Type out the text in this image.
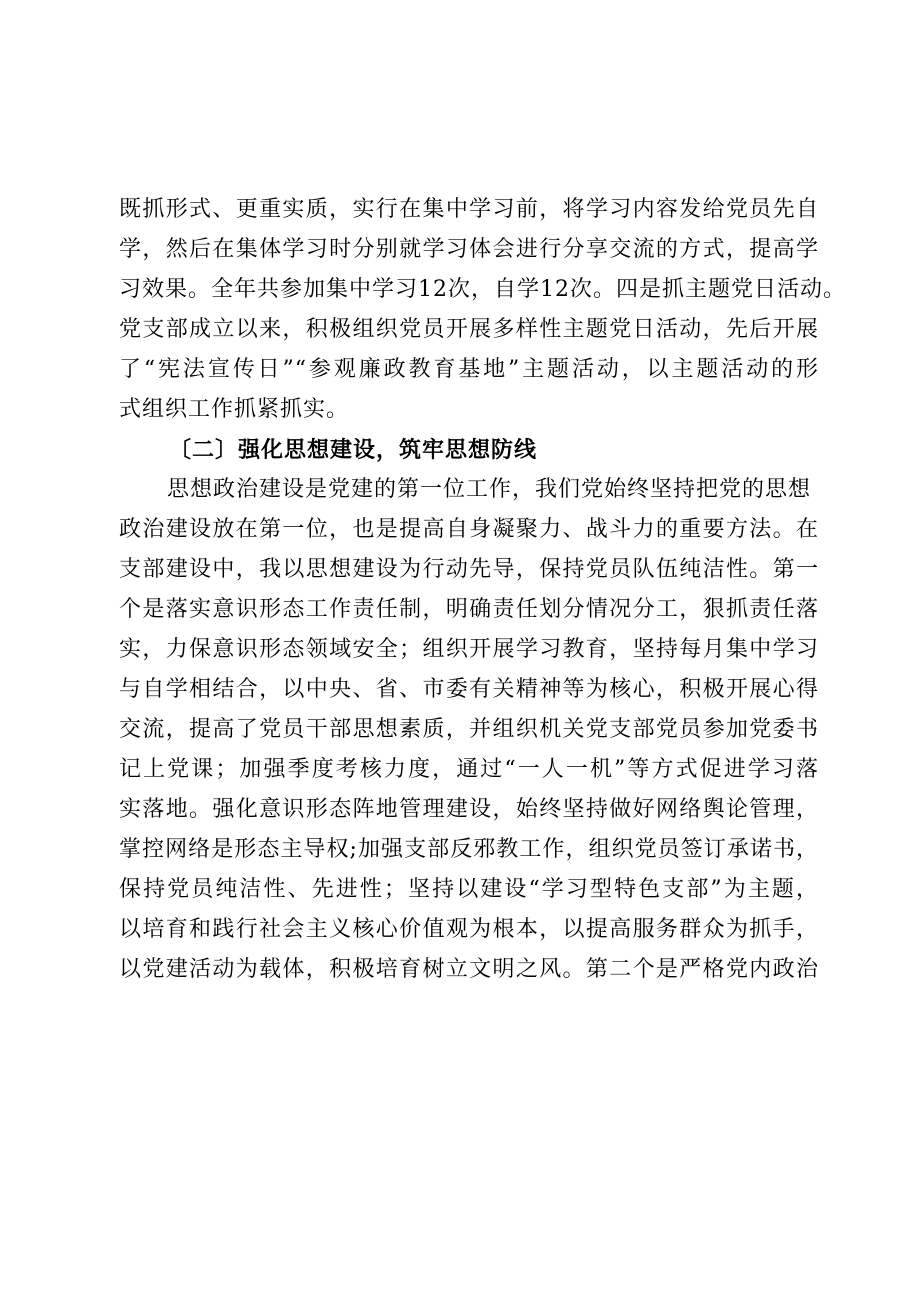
既抓形式、更重实质，实行在集中学习前，将学习内容发给党员先自
学，然后在集体学习时分别就学习体会进行分享交流的方式，提高学
习效果。全年共参加集中学习12次，自学12次。四是抓主题党日活动。
党支部成立以来，积极组织党员开展多样性主题党日活动，先后开展
了“宪法宣传日”“参观廉政教育基地”主题活动，以主题活动的形
式组织工作抓紧抓实。
〔二〕强化思想建设，筑牢思想防线
思想政治建设是党建的第一位工作，我们党始终坚持把党的思想
政治建设放在第一位，也是提高自身凝聚力、战斗力的重要方法。在
支部建设中，我以思想建设为行动先导，保持党员队伍纯洁性。第一
个是落实意识形态工作责任制，明确责任划分情况分工，狠抓责任落
实，力保意识形态领域安全；组织开展学习教育，坚持每月集中学习
与自学相结合，以中央、省、市委有关精神等为核心，积极开展心得
交流，提高了党员干部思想素质，并组织机关党支部党员参加党委书
记上党课；加强季度考核力度，通过“一人一机”等方式促进学习落
实落地。强化意识形态阵地管理建设，始终坚持做好网络舆论管理，
掌控网络是形态主导权;加强支部反邪教工作，组织党员签订承诺书，
保持党员纯洁性、先进性；坚持以建设“学习型特色支部”为主题，
以培育和践行社会主义核心价值观为根本，以提高服务群众为抓手，
以党建活动为载体，积极培育树立文明之风。第二个是严格党内政治
